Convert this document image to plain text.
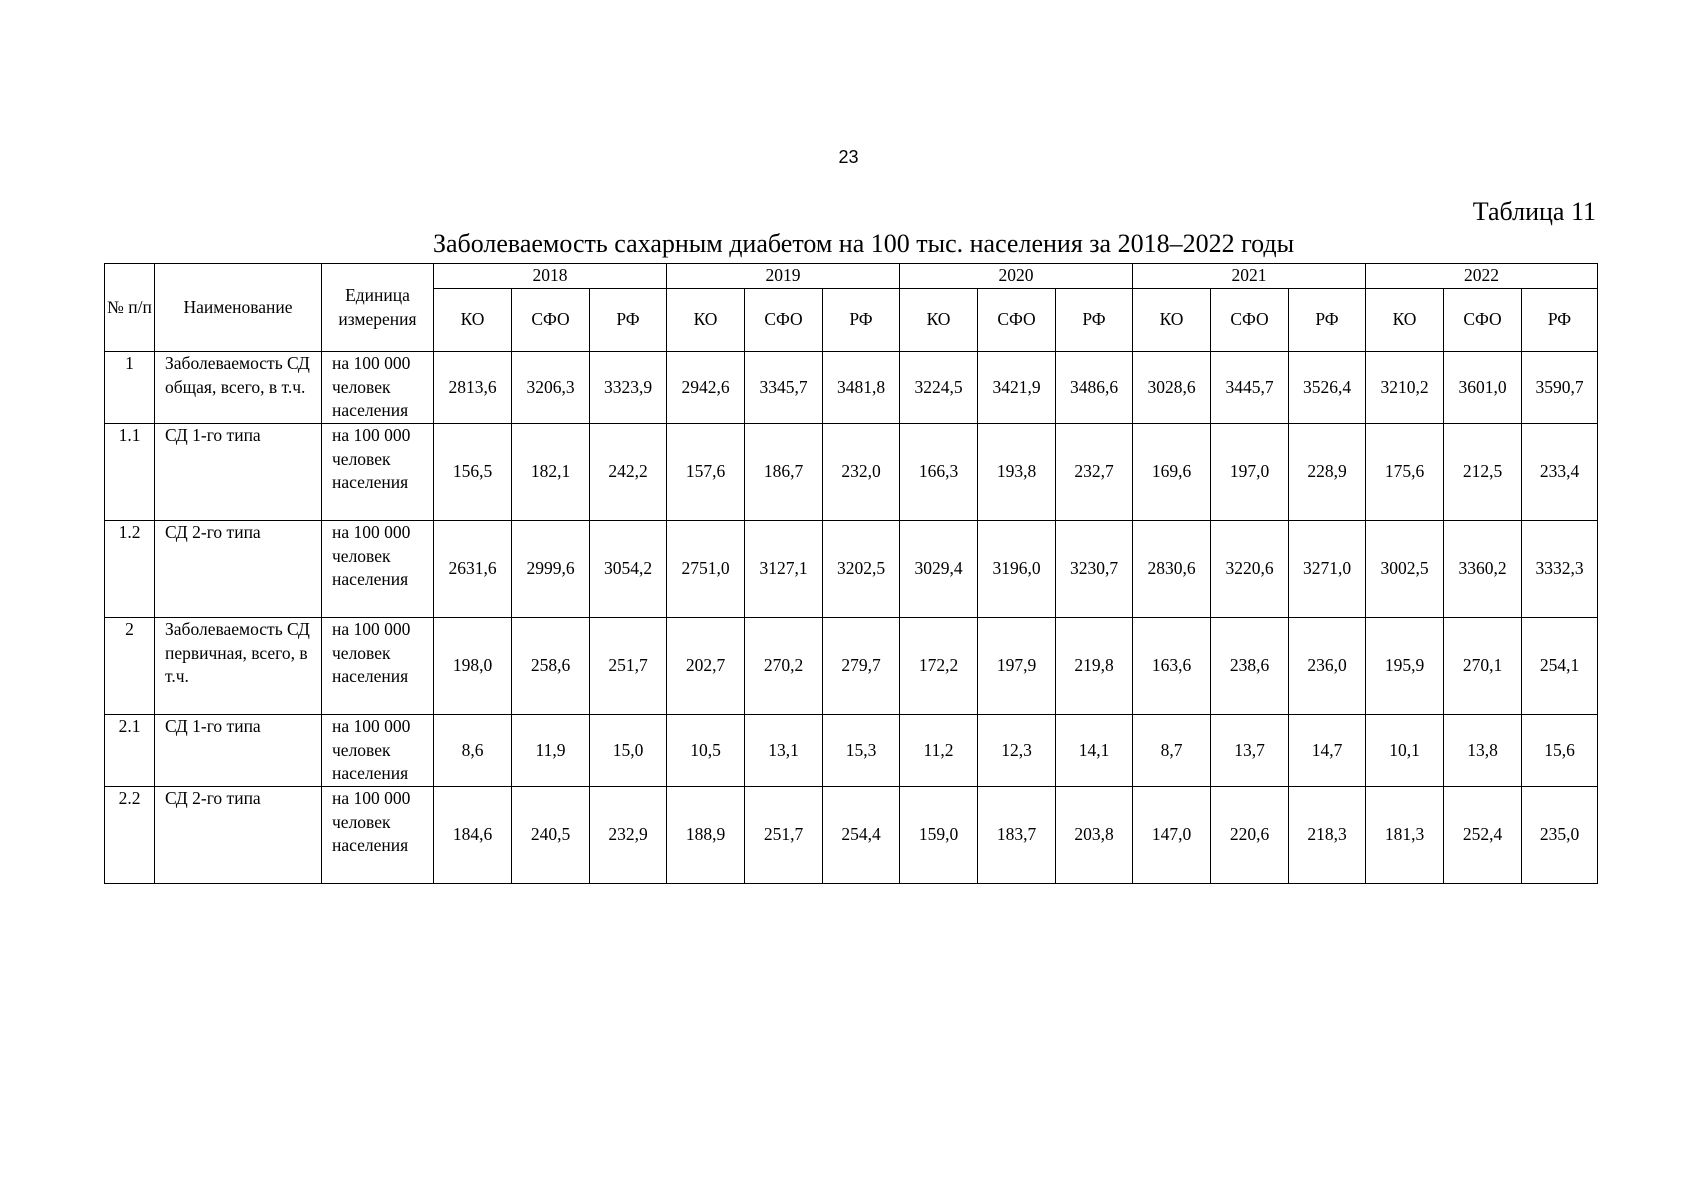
23
Таблица 11
Заболеваемость сахарным диабетом на 100 тыс. населения за 2018–2022 годы
№ п/п	Наименование	Единица измерения	2018			2019			2020			2021			2022		
			КО	СФО	РФ	КО	СФО	РФ	КО	СФО	РФ	КО	СФО	РФ	КО	СФО	РФ
1	Заболеваемость СД общая, всего, в т.ч.	на 100 000 человек населения	2813,6	3206,3	3323,9	2942,6	3345,7	3481,8	3224,5	3421,9	3486,6	3028,6	3445,7	3526,4	3210,2	3601,0	3590,7
1.1	СД 1-го типа	на 100 000 человек населения	156,5	182,1	242,2	157,6	186,7	232,0	166,3	193,8	232,7	169,6	197,0	228,9	175,6	212,5	233,4
1.2	СД 2-го типа	на 100 000 человек населения	2631,6	2999,6	3054,2	2751,0	3127,1	3202,5	3029,4	3196,0	3230,7	2830,6	3220,6	3271,0	3002,5	3360,2	3332,3
2	Заболеваемость СД первичная, всего, в т.ч.	на 100 000 человек населения	198,0	258,6	251,7	202,7	270,2	279,7	172,2	197,9	219,8	163,6	238,6	236,0	195,9	270,1	254,1
2.1	СД 1-го типа	на 100 000 человек населения	8,6	11,9	15,0	10,5	13,1	15,3	11,2	12,3	14,1	8,7	13,7	14,7	10,1	13,8	15,6
2.2	СД 2-го типа	на 100 000 человек населения	184,6	240,5	232,9	188,9	251,7	254,4	159,0	183,7	203,8	147,0	220,6	218,3	181,3	252,4	235,0
